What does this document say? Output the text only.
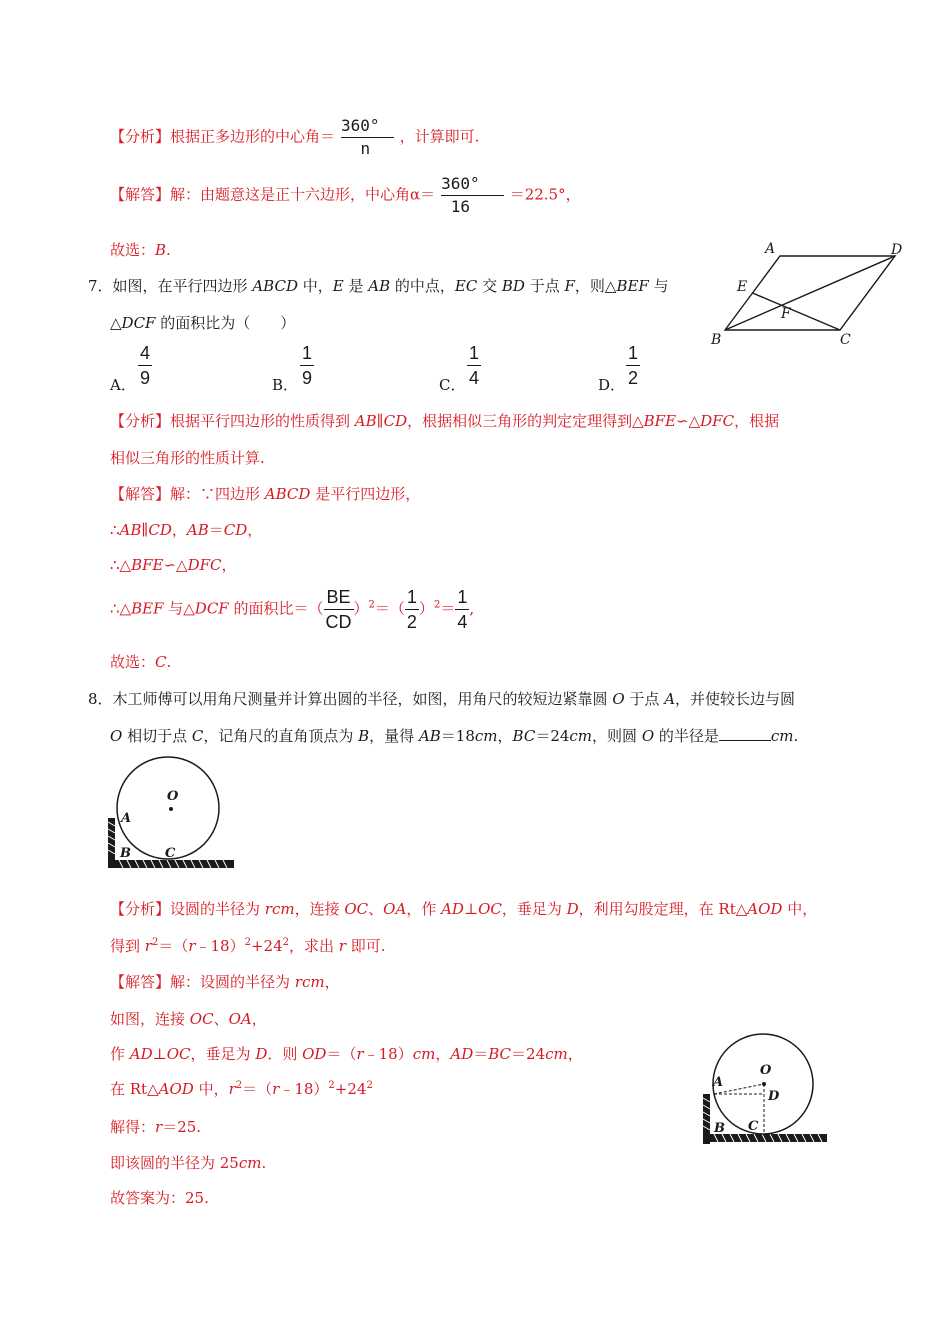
【分析】根据正多边形的中心角＝ $\frac{360^\circ}{n}$ ，计算即可.
【解答】解：由题意这是正十六边形，中心角$\alpha= \frac{360^\circ}{16} =22.5^\circ$，
故选：B.
7．如图，在平行四边形 ABCD 中，E 是 AB 的中点，EC 交 BD 于点 F，则△BEF 与
△DCF 的面积比为（　　）
A	D
E
F
B	C
A． $\frac{4}{9}$	B． $\frac{1}{9}$	C． $\frac{1}{4}$	D． $\frac{1}{2}$
【分析】根据平行四边形的性质得到 AB∥CD，根据相似三角形的判定定理得到△BFE∽△DFC，根据
相似三角形的性质计算.
【解答】解：∵四边形 ABCD 是平行四边形，
∴AB∥CD，AB＝CD，
∴△BFE∽△DFC，
∴△BEF 与△DCF 的面积比＝（ $\frac{BE}{CD} )^2=( \frac{1}{2} )^2= \frac{1}{4}$ ,
故选：C.
8．木工师傅可以用角尺测量并计算出圆的半径，如图，用角尺的较短边紧靠圆 O 于点 A，并使较长边与圆
O 相切于点 C，记角尺的直角顶点为 B，量得 AB＝18cm，BC＝24cm，则圆 O 的半径是	cm.
O
A
B	C
【分析】设圆的半径为 rcm，连接 OC、OA，作 AD⊥OC，垂足为 D，利用勾股定理，在 Rt△AOD 中，
得到 $r^2=(r﹣18)^2+24^2$，求出 r 即可.
【解答】解：设圆的半径为 rcm，
如图，连接 OC、OA，
作 AD⊥OC，垂足为 D．则 OD＝（r﹣18）cm，AD＝BC＝24cm，
在 Rt△AOD 中，$r^2=(r﹣18)^2+24^2$
解得：r＝25.
即该圆的半径为 25cm.
故答案为：25.
O
A
D
B C
